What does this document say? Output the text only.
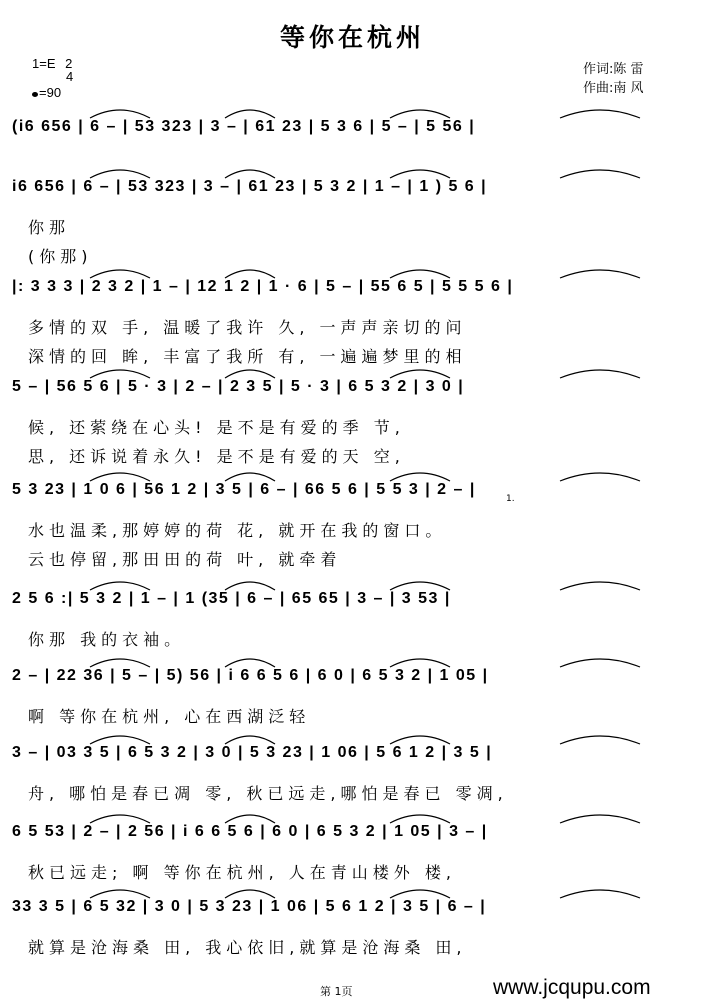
等你在杭州
1=E 2
4
=90
作词:陈 雷
作曲:南 风
(i6 656 | 6 – | 53 323 | 3 – | 61 23 | 5 3 6 | 5 – | 5 56 |
i6 656 | 6 – | 53 323 | 3 – | 61 23 | 5 3 2 | 1 – | 1 ) 5 6 |
你那
(你那)
|: 3 3 3 | 2 3 2 | 1 – | 12 1 2 | 1 · 6 | 5 – | 55 6 5 | 5 5 5 6 |
多情的双 手, 温暖了我许 久, 一声声亲切的问
深情的回 眸, 丰富了我所 有, 一遍遍梦里的相
5 – | 56 5 6 | 5 · 3 | 2 – | 2 3 5 | 5 · 3 | 6 5 3 2 | 3 0 |
候, 还萦绕在心头! 是不是有爱的季 节,
思, 还诉说着永久! 是不是有爱的天 空,
5 3 23 | 1 0 6 | 56 1 2 | 3 5 | 6 – | 66 5 6 | 5 5 3 | 2 – |
水也温柔,那婷婷的荷 花, 就开在我的窗口。
云也停留,那田田的荷 叶, 就牵着
2 5 6 :| 5 3 2 | 1 – | 1 (35 | 6 – | 65 65 | 3 – | 3 53 |
你那 我的衣袖。
2 – | 22 36 | 5 – | 5) 56 | i 6 6 5 6 | 6 0 | 6 5 3 2 | 1 05 |
啊 等你在杭州, 心在西湖泛轻
3 – | 03 3 5 | 6 5 3 2 | 3 0 | 5 3 23 | 1 06 | 5 6 1 2 | 3 5 |
舟, 哪怕是春已凋 零, 秋已远走,哪怕是春已 零凋,
6 5 53 | 2 – | 2 56 | i 6 6 5 6 | 6 0 | 6 5 3 2 | 1 05 | 3 – |
秋已远走; 啊 等你在杭州, 人在青山楼外 楼,
33 3 5 | 6 5 32 | 3 0 | 5 3 23 | 1 06 | 5 6 1 2 | 3 5 | 6 – |
就算是沧海桑 田, 我心依旧,就算是沧海桑 田,
1.
第 1页	www.jcqupu.com
